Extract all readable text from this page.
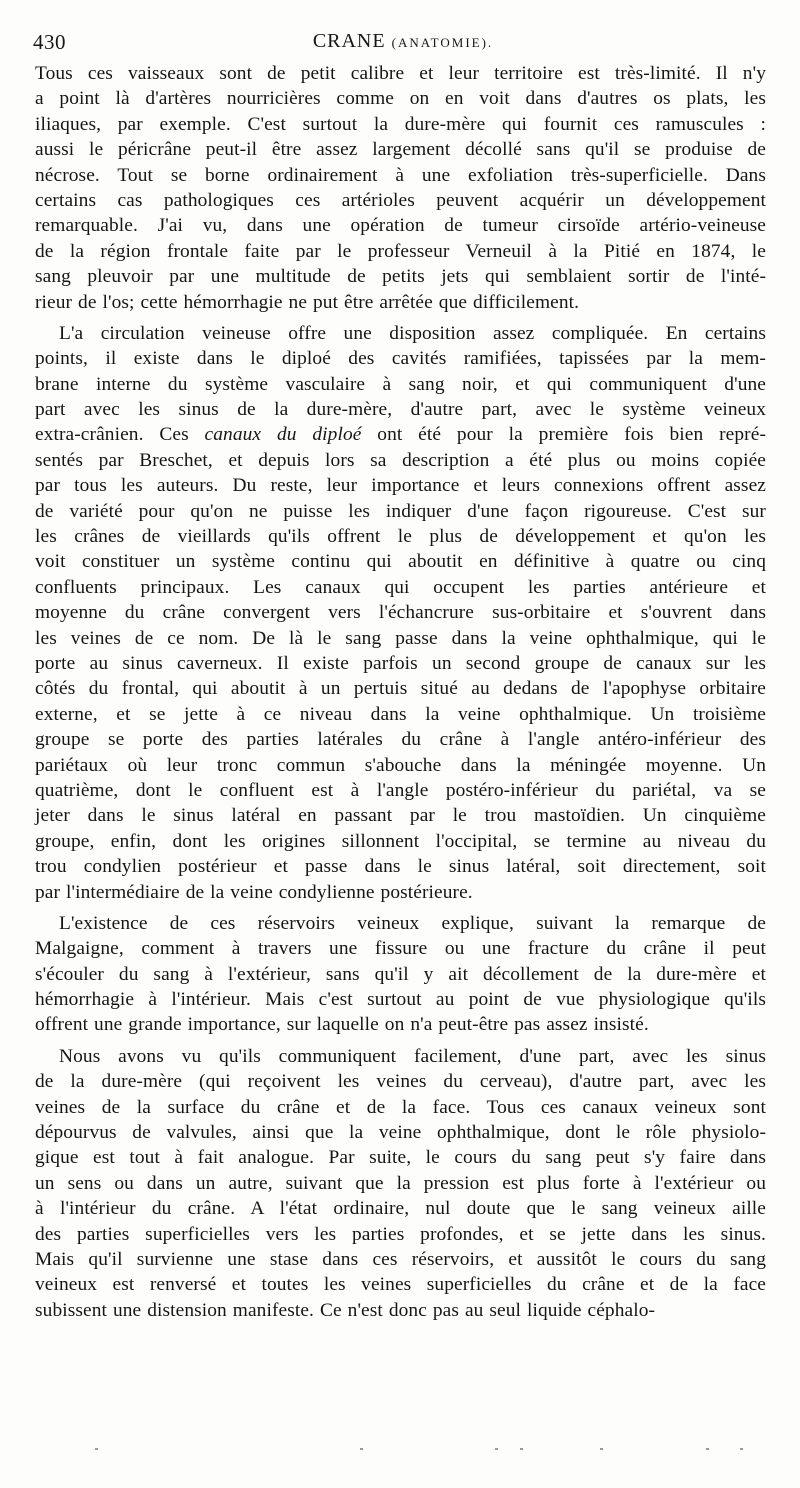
430	CRANE (ANATOMIE).
Tous ces vaisseaux sont de petit calibre et leur territoire est très-limité. Il n'y
a point là d'artères nourricières comme on en voit dans d'autres os plats, les
iliaques, par exemple. C'est surtout la dure-mère qui fournit ces ramuscules :
aussi le péricrâne peut-il être assez largement décollé sans qu'il se produise de
nécrose. Tout se borne ordinairement à une exfoliation très-superficielle. Dans
certains cas pathologiques ces artérioles peuvent acquérir un développement
remarquable. J'ai vu, dans une opération de tumeur cirsoïde artério-veineuse
de la région frontale faite par le professeur Verneuil à la Pitié en 1874, le
sang pleuvoir par une multitude de petits jets qui semblaient sortir de l'inté-
rieur de l'os; cette hémorrhagie ne put être arrêtée que difficilement.
L'a circulation veineuse offre une disposition assez compliquée. En certains
points, il existe dans le diploé des cavités ramifiées, tapissées par la mem-
brane interne du système vasculaire à sang noir, et qui communiquent d'une
part avec les sinus de la dure-mère, d'autre part, avec le système veineux
extra-crânien. Ces canaux du diploé ont été pour la première fois bien repré-
sentés par Breschet, et depuis lors sa description a été plus ou moins copiée
par tous les auteurs. Du reste, leur importance et leurs connexions offrent assez
de variété pour qu'on ne puisse les indiquer d'une façon rigoureuse. C'est sur
les crânes de vieillards qu'ils offrent le plus de développement et qu'on les
voit constituer un système continu qui aboutit en définitive à quatre ou cinq
confluents principaux. Les canaux qui occupent les parties antérieure et
moyenne du crâne convergent vers l'échancrure sus-orbitaire et s'ouvrent dans
les veines de ce nom. De là le sang passe dans la veine ophthalmique, qui le
porte au sinus caverneux. Il existe parfois un second groupe de canaux sur les
côtés du frontal, qui aboutit à un pertuis situé au dedans de l'apophyse orbitaire
externe, et se jette à ce niveau dans la veine ophthalmique. Un troisième
groupe se porte des parties latérales du crâne à l'angle antéro-inférieur des
pariétaux où leur tronc commun s'abouche dans la méningée moyenne. Un
quatrième, dont le confluent est à l'angle postéro-inférieur du pariétal, va se
jeter dans le sinus latéral en passant par le trou mastoïdien. Un cinquième
groupe, enfin, dont les origines sillonnent l'occipital, se termine au niveau du
trou condylien postérieur et passe dans le sinus latéral, soit directement, soit
par l'intermédiaire de la veine condylienne postérieure.
L'existence de ces réservoirs veineux explique, suivant la remarque de
Malgaigne, comment à travers une fissure ou une fracture du crâne il peut
s'écouler du sang à l'extérieur, sans qu'il y ait décollement de la dure-mère et
hémorrhagie à l'intérieur. Mais c'est surtout au point de vue physiologique qu'ils
offrent une grande importance, sur laquelle on n'a peut-être pas assez insisté.
Nous avons vu qu'ils communiquent facilement, d'une part, avec les sinus
de la dure-mère (qui reçoivent les veines du cerveau), d'autre part, avec les
veines de la surface du crâne et de la face. Tous ces canaux veineux sont
dépourvus de valvules, ainsi que la veine ophthalmique, dont le rôle physiolo-
gique est tout à fait analogue. Par suite, le cours du sang peut s'y faire dans
un sens ou dans un autre, suivant que la pression est plus forte à l'extérieur ou
à l'intérieur du crâne. A l'état ordinaire, nul doute que le sang veineux aille
des parties superficielles vers les parties profondes, et se jette dans les sinus.
Mais qu'il survienne une stase dans ces réservoirs, et aussitôt le cours du sang
veineux est renversé et toutes les veines superficielles du crâne et de la face
subissent une distension manifeste. Ce n'est donc pas au seul liquide céphalo-
